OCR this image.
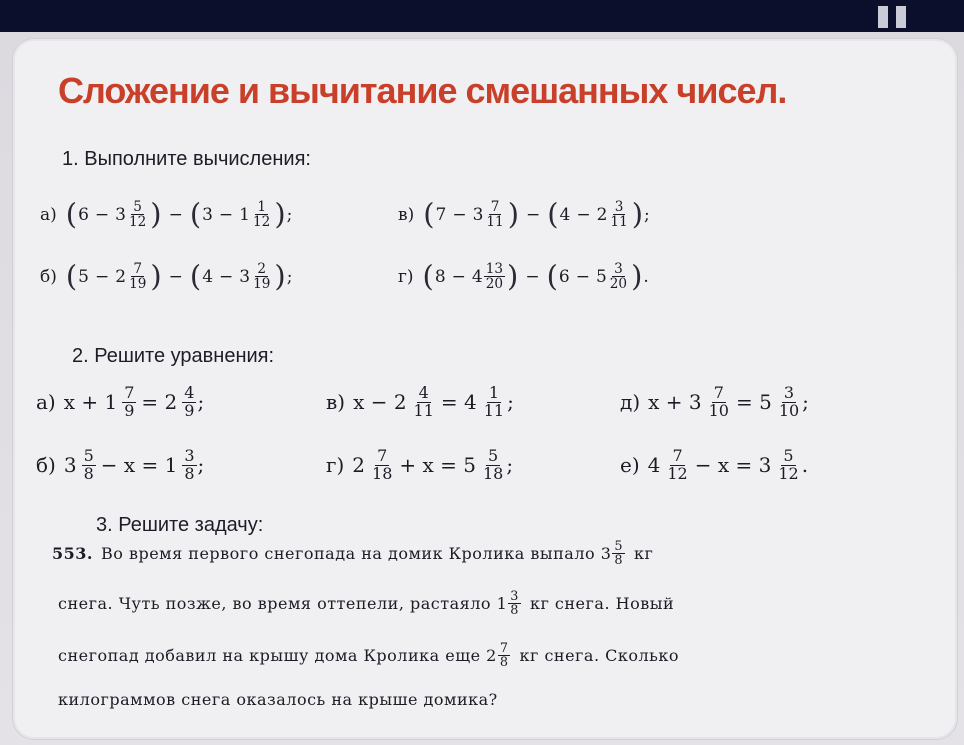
Сложение и вычитание смешанных чисел.
1. Выполните вычисления:
а) ( $6 - 3 \frac{5}{12}$ ) − ( $3 - 1 \frac{1}{12}$ ) ;	в) ( $7 - 3 \frac{7}{11}$ ) − ( $4 - 2 \frac{3}{11}$ ) ;
б) ( $5 - 2 \frac{7}{19}$ ) − ( $4 - 3 \frac{2}{19}$ ) ;	г) ( $8 - 4 \frac{13}{20}$ ) − ( $6 - 5 \frac{3}{20}$ ) .
2. Решите уравнения:
а) $x + 1 \frac{7}{9} = 2 \frac{4}{9}$ ;	в) $x - 2 \frac{4}{11} = 4 \frac{1}{11}$ ;	д) $x + 3 \frac{7}{10} = 5 \frac{3}{10}$ ;
б) $3 \frac{5}{8} - x = 1 \frac{3}{8}$ ;	г) $2 \frac{7}{18} + x = 5 \frac{5}{18}$ ;	е) $4 \frac{7}{12} - x = 3 \frac{5}{12}$ .
3. Решите задачу:
553. Во время первого снегопада на домик Кролика выпало $3 \frac{5}{8}$ кг
снега. Чуть позже, во время оттепели, растаяло $1 \frac{3}{8}$ кг снега. Новый
снегопад добавил на крышу дома Кролика еще $2 \frac{7}{8}$ кг снега. Сколько
килограммов снега оказалось на крыше домика?
